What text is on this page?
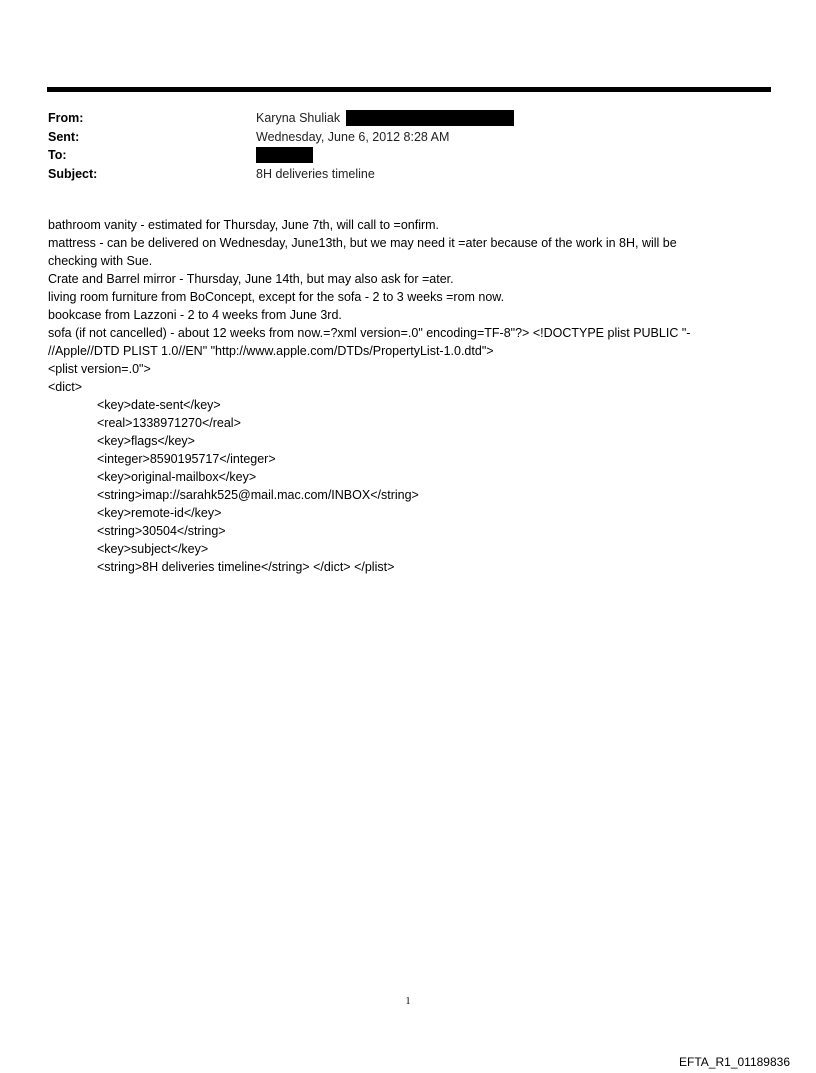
From:	Karyna Shuliak
Sent:	Wednesday, June 6, 2012 8:28 AM
To:
Subject:	8H deliveries timeline
bathroom vanity - estimated for Thursday, June 7th, will call to =onfirm.
mattress - can be delivered on Wednesday, June13th, but we may need it =ater because of the work in 8H, will be
checking with Sue.
Crate and Barrel mirror - Thursday, June 14th, but may also ask for =ater.
living room furniture from BoConcept, except for the sofa - 2 to 3 weeks =rom now.
bookcase from Lazzoni - 2 to 4 weeks from June 3rd.
sofa (if not cancelled) - about 12 weeks from now.=?xml version=.0" encoding=TF-8"?> <!DOCTYPE plist PUBLIC "-
//Apple//DTD PLIST 1.0//EN" "http://www.apple.com/DTDs/PropertyList-1.0.dtd">
<plist version=.0">
<dict>
<key>date-sent</key>
<real>1338971270</real>
<key>flags</key>
<integer>8590195717</integer>
<key>original-mailbox</key>
<string>imap://sarahk525@mail.mac.com/INBOX</string>
<key>remote-id</key>
<string>30504</string>
<key>subject</key>
<string>8H deliveries timeline</string> </dict> </plist>
1
EFTA_R1_01189836
